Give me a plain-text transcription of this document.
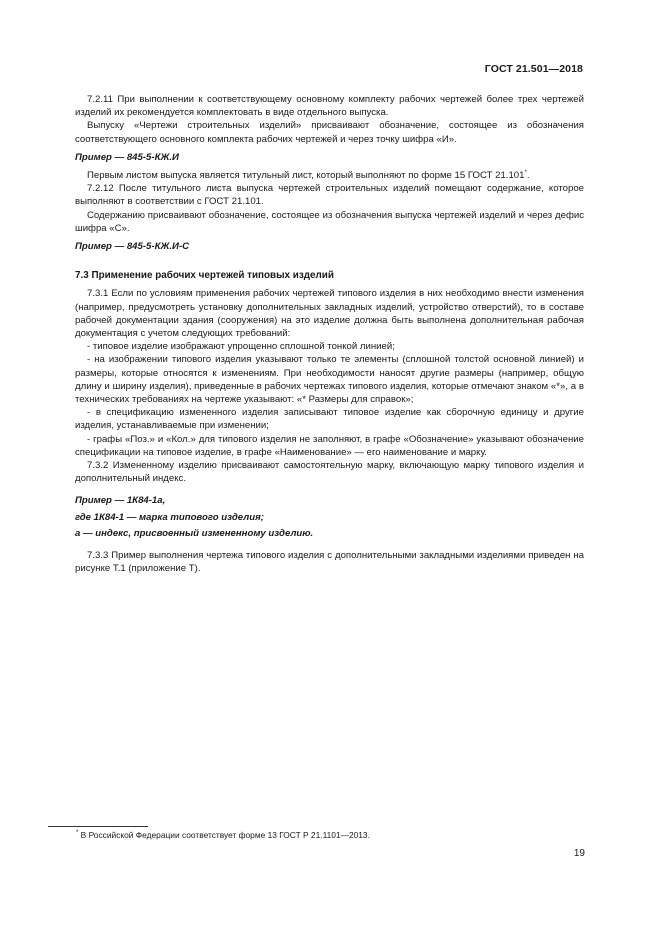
ГОСТ 21.501—2018

7.2.11 При выполнении к соответствующему основному комплекту рабочих чертежей более трех чертежей изделий их рекомендуется комплектовать в виде отдельного выпуска.

Выпуску «Чертежи строительных изделий» присваивают обозначение, состоящее из обозначения соответствующего основного комплекта рабочих чертежей и через точку шифра «И».

Пример — 845-5-КЖ.И

Первым листом выпуска является титульный лист, который выполняют по форме 15 ГОСТ 21.101*.

7.2.12 После титульного листа выпуска чертежей строительных изделий помещают содержание, которое выполняют в соответствии с ГОСТ 21.101.

Содержанию присваивают обозначение, состоящее из обозначения выпуска чертежей изделий и через дефис шифра «С».

Пример — 845-5-КЖ.И-С

7.3 Применение рабочих чертежей типовых изделий

7.3.1 Если по условиям применения рабочих чертежей типового изделия в них необходимо внести изменения (например, предусмотреть установку дополнительных закладных изделий, устройство отверстий), то в составе рабочей документации здания (сооружения) на это изделие должна быть выполнена дополнительная рабочая документация с учетом следующих требований:

- типовое изделие изображают упрощенно сплошной тонкой линией;

- на изображении типового изделия указывают только те элементы (сплошной толстой основной линией) и размеры, которые относятся к изменениям. При необходимости наносят другие размеры (например, общую длину и ширину изделия), приведенные в рабочих чертежах типового изделия, которые отмечают знаком «*», а в технических требованиях на чертеже указывают: «* Размеры для справок»;

- в спецификацию измененного изделия записывают типовое изделие как сборочную единицу и другие изделия, устанавливаемые при изменении;

- графы «Поз.» и «Кол.» для типового изделия не заполняют, в графе «Обозначение» указывают обозначение спецификации на типовое изделие, в графе «Наименование» — его наименование и марку.

7.3.2 Измененному изделию присваивают самостоятельную марку, включающую марку типового изделия и дополнительный индекс.

Пример — 1К84-1а,

где 1К84-1 — марка типового изделия;

а — индекс, присвоенный измененному изделию.

7.3.3 Пример выполнения чертежа типового изделия с дополнительными закладными изделиями приведен на рисунке Т.1 (приложение Т).

* В Российской Федерации соответствует форме 13 ГОСТ Р 21.1101—2013.
19
